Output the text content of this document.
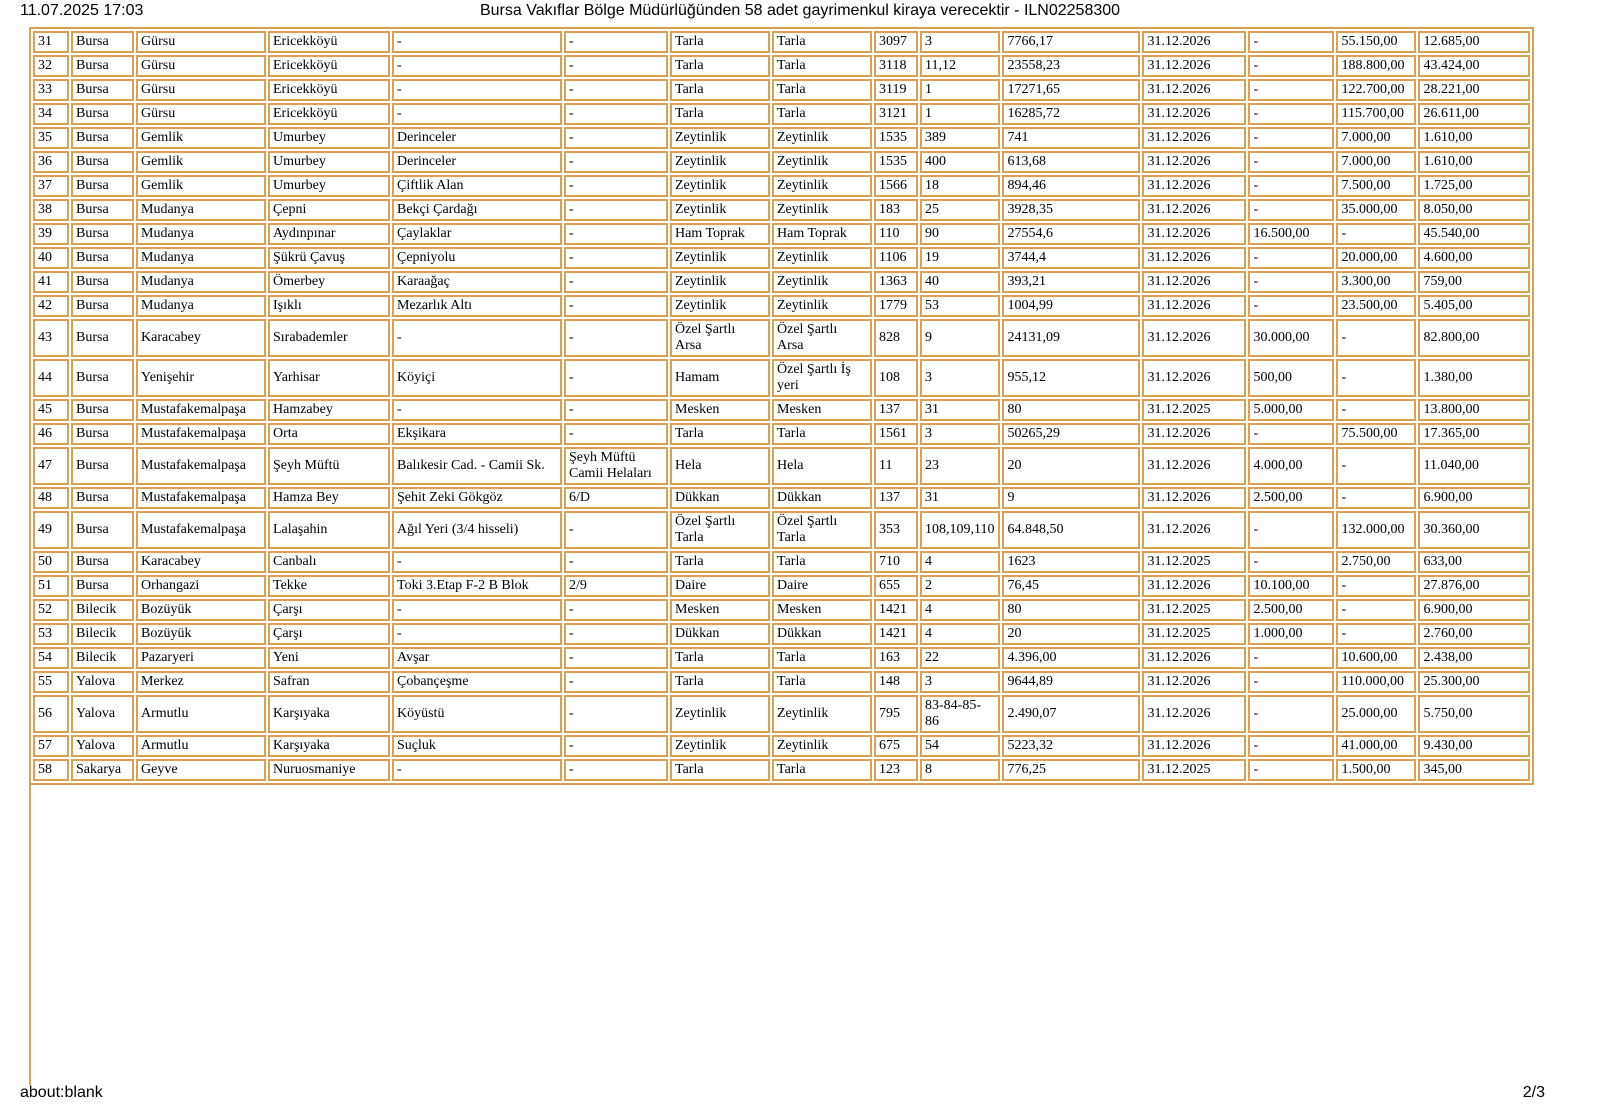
11.07.2025 17:03	Bursa Vakıflar Bölge Müdürlüğünden 58 adet gayrimenkul kiraya verecektir - ILN02258300
31	Bursa	Gürsu	Ericekköyü	-	-	Tarla	Tarla	3097	3	7766,17	31.12.2026	-	55.150,00	12.685,00
32	Bursa	Gürsu	Ericekköyü	-	-	Tarla	Tarla	3118	11,12	23558,23	31.12.2026	-	188.800,00	43.424,00
33	Bursa	Gürsu	Ericekköyü	-	-	Tarla	Tarla	3119	1	17271,65	31.12.2026	-	122.700,00	28.221,00
34	Bursa	Gürsu	Ericekköyü	-	-	Tarla	Tarla	3121	1	16285,72	31.12.2026	-	115.700,00	26.611,00
35	Bursa	Gemlik	Umurbey	Derinceler	-	Zeytinlik	Zeytinlik	1535	389	741	31.12.2026	-	7.000,00	1.610,00
36	Bursa	Gemlik	Umurbey	Derinceler	-	Zeytinlik	Zeytinlik	1535	400	613,68	31.12.2026	-	7.000,00	1.610,00
37	Bursa	Gemlik	Umurbey	Çiftlik Alan	-	Zeytinlik	Zeytinlik	1566	18	894,46	31.12.2026	-	7.500,00	1.725,00
38	Bursa	Mudanya	Çepni	Bekçi Çardağı	-	Zeytinlik	Zeytinlik	183	25	3928,35	31.12.2026	-	35.000,00	8.050,00
39	Bursa	Mudanya	Aydınpınar	Çaylaklar	-	Ham Toprak	Ham Toprak	110	90	27554,6	31.12.2026	16.500,00	-	45.540,00
40	Bursa	Mudanya	Şükrü Çavuş	Çepniyolu	-	Zeytinlik	Zeytinlik	1106	19	3744,4	31.12.2026	-	20.000,00	4.600,00
41	Bursa	Mudanya	Ömerbey	Karaağaç	-	Zeytinlik	Zeytinlik	1363	40	393,21	31.12.2026	-	3.300,00	759,00
42	Bursa	Mudanya	Işıklı	Mezarlık Altı	-	Zeytinlik	Zeytinlik	1779	53	1004,99	31.12.2026	-	23.500,00	5.405,00
43	Bursa	Karacabey	Sırabademler	-	-	Özel Şartlı Arsa	Özel Şartlı Arsa	828	9	24131,09	31.12.2026	30.000,00	-	82.800,00
44	Bursa	Yenişehir	Yarhisar	Köyiçi	-	Hamam	Özel Şartlı İş yeri	108	3	955,12	31.12.2026	500,00	-	1.380,00
45	Bursa	Mustafakemalpaşa	Hamzabey	-	-	Mesken	Mesken	137	31	80	31.12.2025	5.000,00	-	13.800,00
46	Bursa	Mustafakemalpaşa	Orta	Ekşikara	-	Tarla	Tarla	1561	3	50265,29	31.12.2026	-	75.500,00	17.365,00
47	Bursa	Mustafakemalpaşa	Şeyh Müftü	Balıkesir Cad. - Camii Sk.	Şeyh Müftü Camii Helaları	Hela	Hela	11	23	20	31.12.2026	4.000,00	-	11.040,00
48	Bursa	Mustafakemalpaşa	Hamza Bey	Şehit Zeki Gökgöz	6/D	Dükkan	Dükkan	137	31	9	31.12.2026	2.500,00	-	6.900,00
49	Bursa	Mustafakemalpaşa	Lalaşahin	Ağıl Yeri (3/4 hisseli)	-	Özel Şartlı Tarla	Özel Şartlı Tarla	353	108,109,110	64.848,50	31.12.2026	-	132.000,00	30.360,00
50	Bursa	Karacabey	Canbalı	-	-	Tarla	Tarla	710	4	1623	31.12.2025	-	2.750,00	633,00
51	Bursa	Orhangazi	Tekke	Toki 3.Etap F-2 B Blok	2/9	Daire	Daire	655	2	76,45	31.12.2026	10.100,00	-	27.876,00
52	Bilecik	Bozüyük	Çarşı	-	-	Mesken	Mesken	1421	4	80	31.12.2025	2.500,00	-	6.900,00
53	Bilecik	Bozüyük	Çarşı	-	-	Dükkan	Dükkan	1421	4	20	31.12.2025	1.000,00	-	2.760,00
54	Bilecik	Pazaryeri	Yeni	Avşar	-	Tarla	Tarla	163	22	4.396,00	31.12.2026	-	10.600,00	2.438,00
55	Yalova	Merkez	Safran	Çobançeşme	-	Tarla	Tarla	148	3	9644,89	31.12.2026	-	110.000,00	25.300,00
56	Yalova	Armutlu	Karşıyaka	Köyüstü	-	Zeytinlik	Zeytinlik	795	83-84-85-86	2.490,07	31.12.2026	-	25.000,00	5.750,00
57	Yalova	Armutlu	Karşıyaka	Suçluk	-	Zeytinlik	Zeytinlik	675	54	5223,32	31.12.2026	-	41.000,00	9.430,00
58	Sakarya	Geyve	Nuruosmaniye	-	-	Tarla	Tarla	123	8	776,25	31.12.2025	-	1.500,00	345,00
about:blank	2/3
